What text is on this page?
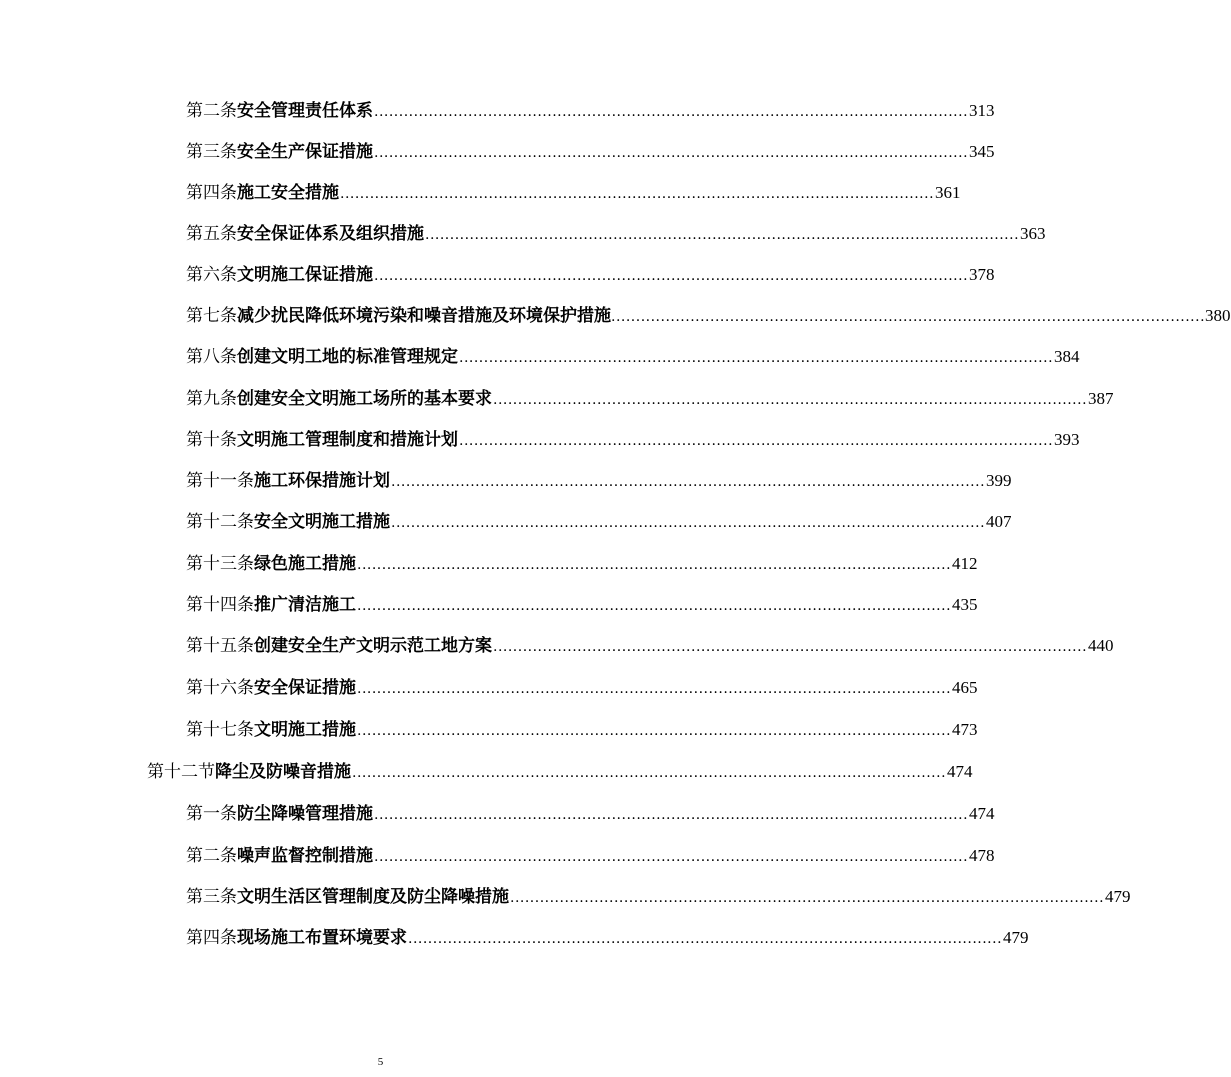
第二条 安全管理责任体系 ........................................................................................................................ 313
第三条 安全生产保证措施 ........................................................................................................................ 345
第四条 施工安全措施 ........................................................................................................................ 361
第五条 安全保证体系及组织措施 ........................................................................................................................ 363
第六条 文明施工保证措施 ........................................................................................................................ 378
第七条 减少扰民降低环境污染和噪音措施及环境保护措施 ........................................................................................................................ 380
第八条 创建文明工地的标准管理规定 ........................................................................................................................ 384
第九条 创建安全文明施工场所的基本要求 ........................................................................................................................ 387
第十条 文明施工管理制度和措施计划 ........................................................................................................................ 393
第十一条 施工环保措施计划 ........................................................................................................................ 399
第十二条 安全文明施工措施 ........................................................................................................................ 407
第十三条 绿色施工措施 ........................................................................................................................ 412
第十四条 推广清洁施工 ........................................................................................................................ 435
第十五条 创建安全生产文明示范工地方案 ........................................................................................................................ 440
第十六条 安全保证措施 ........................................................................................................................ 465
第十七条 文明施工措施 ........................................................................................................................ 473
第十二节 降尘及防噪音措施 ........................................................................................................................ 474
第一条 防尘降噪管理措施 ........................................................................................................................ 474
第二条 噪声监督控制措施 ........................................................................................................................ 478
第三条 文明生活区管理制度及防尘降噪措施 ........................................................................................................................ 479
第四条 现场施工布置环境要求 ........................................................................................................................ 479
5
